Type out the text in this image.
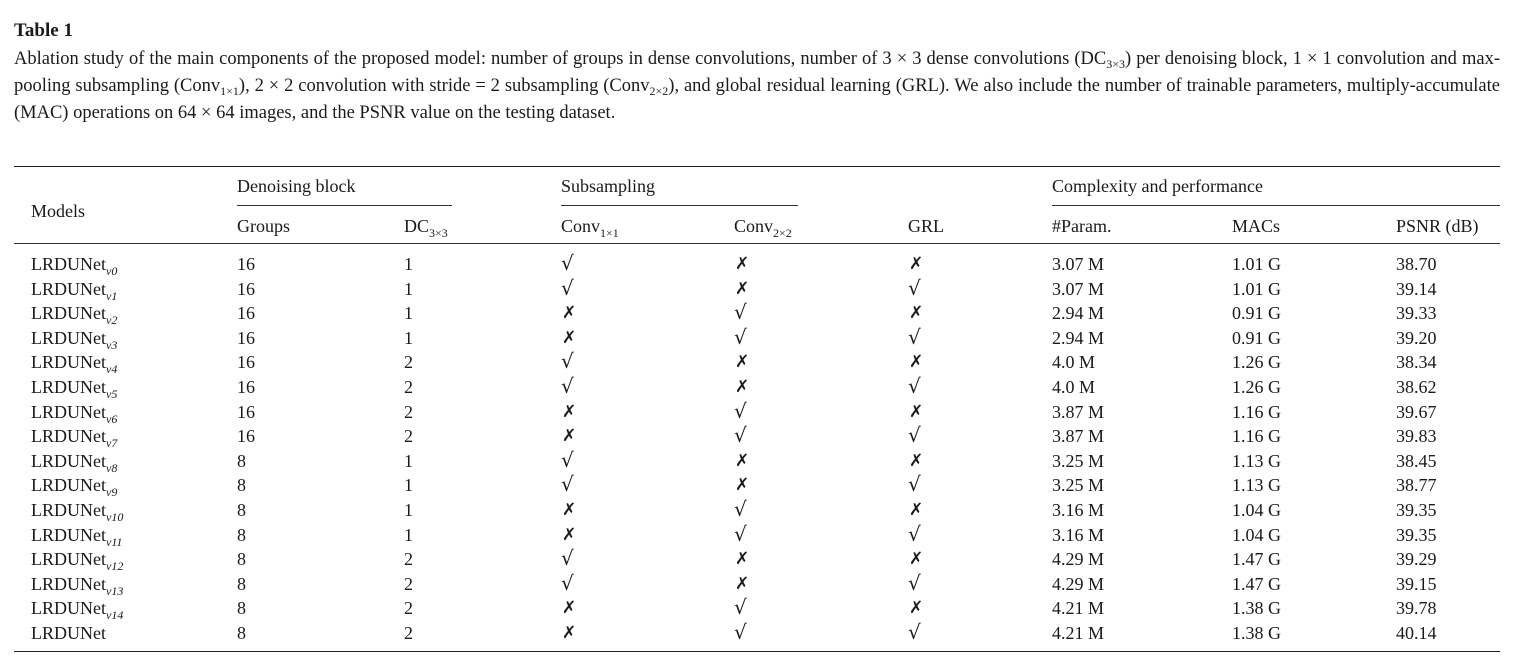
Table 1
Ablation study of the main components of the proposed model: number of groups in dense convolutions, number of 3 × 3 dense convolutions $(DC_{3\times 3})$ per denoising block, 1 × 1 convolution and max-pooling subsampling (Conv$_{1\times 1}$), 2 × 2 convolution with stride = 2 subsampling (Conv$_{2\times 2}$), and global residual learning (GRL). We also include the number of trainable parameters, multiply-accumulate (MAC) operations on 64 × 64 images, and the PSNR value on the testing dataset.
Models
Denoising block	Subsampling	Complexity and performance
Groups	$DC_{3\times 3}$	Conv$_{1\times 1}$	Conv$_{2\times 2}$	GRL	#Param.	MACs	PSNR (dB)
LRDUNet$_{v0}$	16	1	√	✗	✗	3.07 M	1.01 G	38.70
LRDUNet$_{v1}$	16	1	√	✗	√	3.07 M	1.01 G	39.14
LRDUNet$_{v2}$	16	1	✗	√	✗	2.94 M	0.91 G	39.33
LRDUNet$_{v3}$	16	1	✗	√	√	2.94 M	0.91 G	39.20
LRDUNet$_{v4}$	16	2	√	✗	✗	4.0 M	1.26 G	38.34
LRDUNet$_{v5}$	16	2	√	✗	√	4.0 M	1.26 G	38.62
LRDUNet$_{v6}$	16	2	✗	√	✗	3.87 M	1.16 G	39.67
LRDUNet$_{v7}$	16	2	✗	√	√	3.87 M	1.16 G	39.83
LRDUNet$_{v8}$	8	1	√	✗	✗	3.25 M	1.13 G	38.45
LRDUNet$_{v9}$	8	1	√	✗	√	3.25 M	1.13 G	38.77
LRDUNet$_{v10}$	8	1	✗	√	✗	3.16 M	1.04 G	39.35
LRDUNet$_{v11}$	8	1	✗	√	√	3.16 M	1.04 G	39.35
LRDUNet$_{v12}$	8	2	√	✗	✗	4.29 M	1.47 G	39.29
LRDUNet$_{v13}$	8	2	√	✗	√	4.29 M	1.47 G	39.15
LRDUNet$_{v14}$	8	2	✗	√	✗	4.21 M	1.38 G	39.78
LRDUNet	8	2	✗	√	√	4.21 M	1.38 G	40.14
